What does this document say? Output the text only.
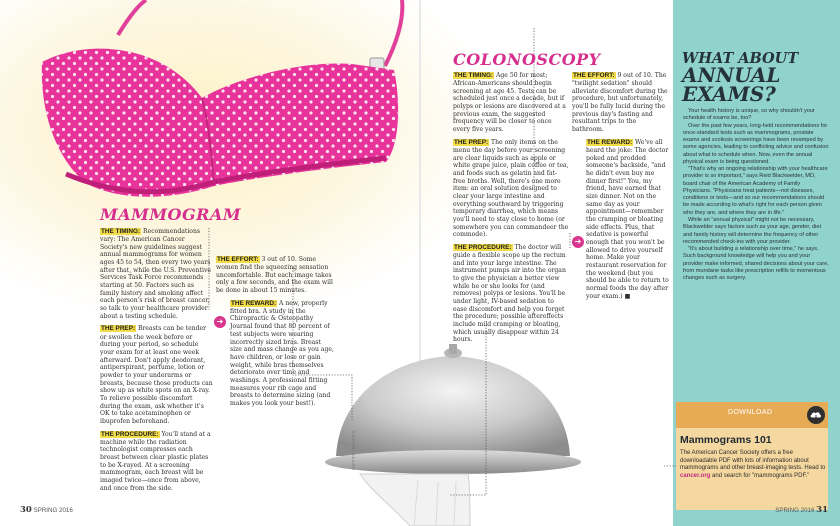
MAMMOGRAM

THE TIMING: Recommendations vary: The American Cancer Society's new guidelines suggest annual mammograms for women ages 45 to 54, then every two years after that, while the U.S. Preventive Services Task Force recommends starting at 50. Factors such as family history and smoking affect each person's risk of breast cancer, so talk to your healthcare provider about a testing schedule.

THE PREP: Breasts can be tender or swollen the week before or during your period, so schedule your exam for at least one week afterward. Don't apply deodorant, antiperspirant, perfume, lotion or powder to your underarms or breasts, because those products can show up as white spots on an X-ray. To relieve possible discomfort during the exam, ask whether it's OK to take acetaminophen or ibuprofen beforehand.

THE PROCEDURE: You'll stand at a machine while the radiation technologist compresses each breast between clear plastic plates to be X-rayed. At a screening mammogram, each breast will be imaged twice—once from above, and once from the side.

THE EFFORT: 3 out of 10. Some women find the squeezing sensation uncomfortable. But each image takes only a few seconds, and the exam will be done in about 15 minutes.

THE REWARD: A new, properly fitted bra. A study in the Chiropractic & Osteopathy Journal found that 80 percent of test subjects were wearing incorrectly sized bras. Breast size and mass change as you age, have children, or lose or gain weight, while bras themselves deteriorate over time and washings. A professional fitting measures your rib cage and breasts to determine sizing (and makes you look your best!).

➔
COLONOSCOPY

THE TIMING: Age 50 for most; African-Americans should begin screening at age 45. Tests can be scheduled just once a decade, but if polyps or lesions are discovered at a previous exam, the suggested frequency will be closer to once every five years.

THE PREP: The only items on the menu the day before your screening are clear liquids such as apple or white grape juice, plain coffee or tea, and foods such as gelatin and fat-free broths. Well, there's one more item: an oral solution designed to clear your large intestine and everything southward by triggering temporary diarrhea, which means you'll need to stay close to home (or somewhere you can commandeer the commode).

THE PROCEDURE: The doctor will guide a flexible scope up the rectum and into your large intestine. The instrument pumps air into the organ to give the physician a better view while he or she looks for (and removes) polyps or lesions. You'll be under light, IV-based sedation to ease discomfort and help you forget the procedure; possible aftereffects include mild cramping or bloating, which usually disappear within 24 hours.

THE EFFORT: 9 out of 10. The "twilight sedation" should alleviate discomfort during the procedure, but unfortunately, you'll be fully lucid during the previous day's fasting and resultant trips to the bathroom.

THE REWARD: We've all heard the joke: The doctor poked and prodded someone's backside, "and he didn't even buy me dinner first!" You, my friend, have earned that size dinner. Not on the same day as your appointment—remember the cramping or bloating side effects. Plus, that sedative is powerful enough that you won't be allowed to drive yourself home. Make your restaurant reservation for the weekend (but you should be able to return to normal foods the day after your exam.) ■

➔
WHAT ABOUT
ANNUAL
EXAMS?

Your health history is unique, so why shouldn't your schedule of exams be, too?

Over the past few years, long-held recommendations for once-standard tests such as mammograms, prostate exams and scoliosis screenings have been revamped by some agencies, leading to conflicting advice and confusion about what to schedule when. Now, even the annual physical exam is being questioned.

"That's why an ongoing relationship with your healthcare provider is so important," says Reid Blackwelder, MD, board chair of the American Academy of Family Physicians. "Physicians treat patients—not diseases, conditions or tests—and so our recommendations should be made according to what's right for each person given who they are, and where they are in life."

While an "annual physical" might not be necessary, Blackwelder says factors such as your age, gender, diet and family history will determine the frequency of other recommended check-ins with your provider.

"It's about building a relationship over time," he says. Such background knowledge will help you and your provider make informed, shared decisions about your care, from mundane tasks like prescription refills to momentous changes such as surgery.

DOWNLOAD
Mammograms 101
The American Cancer Society offers a free downloadable PDF with lots of information about mammograms and other breast-imaging tests. Head to cancer.org and search for "mammograms PDF."
GETTY IMAGES
30 SPRING 2016	SPRING 2016 31
